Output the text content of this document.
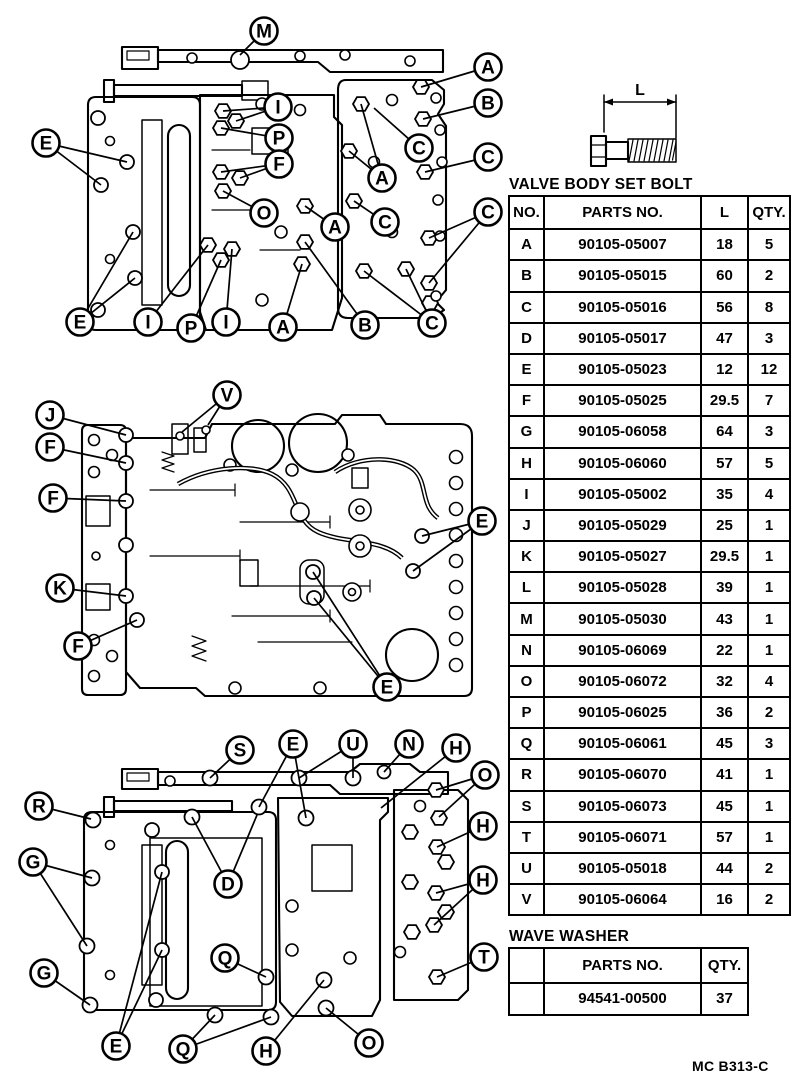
L
M
A
B
C	C
C
A
C
A
E
I
P
F
O
E	I P I A	B	C
V
J
F
F
K
F
E
E
S E U N H
O
H
H
T
R
G
G
D
Q
E	Q	H	O
VALVE BODY SET BOLT
NO.	PARTS NO.	L	QTY.
A	90105-05007	18	5
B	90105-05015	60	2
C	90105-05016	56	8
D	90105-05017	47	3
E	90105-05023	12	12
F	90105-05025	29.5	7
G	90105-06058	64	3
H	90105-06060	57	5
I	90105-05002	35	4
J	90105-05029	25	1
K	90105-05027	29.5	1
L	90105-05028	39	1
M	90105-05030	43	1
N	90105-06069	22	1
O	90105-06072	32	4
P	90105-06025	36	2
Q	90105-06061	45	3
R	90105-06070	41	1
S	90105-06073	45	1
T	90105-06071	57	1
U	90105-05018	44	2
V	90105-06064	16	2
WAVE WASHER
PARTS NO.	QTY.
94541-00500	37
MC B313-C
